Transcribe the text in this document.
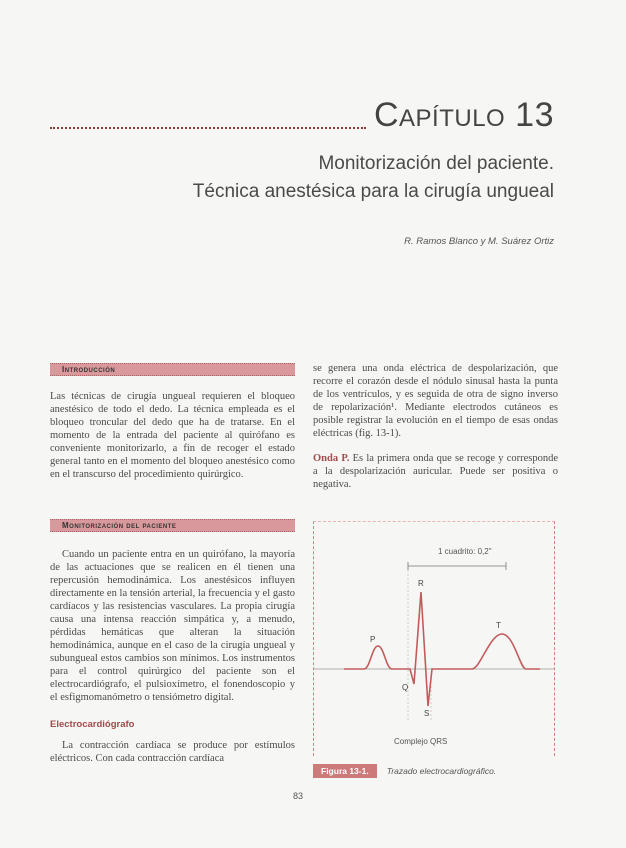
Capítulo 13
Monitorización del paciente.
Técnica anestésica para la cirugía ungueal
R. Ramos Blanco y M. Suárez Ortiz
Introducción

Las técnicas de cirugía ungueal requieren el bloqueo anestésico de todo el dedo. La técnica empleada es el bloqueo troncular del dedo que ha de tratarse. En el momento de la entrada del paciente al quirófano es conveniente monitorizarlo, a fin de recoger el estado general tanto en el momento del bloqueo anestésico como en el transcurso del procedimiento quirúrgico.

Monitorización del paciente

Cuando un paciente entra en un quirófano, la mayoría de las actuaciones que se realicen en él tienen una repercusión hemodinámica. Los anestésicos influyen directamente en la tensión arterial, la frecuencia y el gasto cardíacos y las resistencias vasculares. La propia cirugía causa una intensa reacción simpática y, a menudo, pérdidas hemáticas que alteran la situación hemodinámica, aunque en el caso de la cirugía ungueal y subungueal estos cambios son mínimos. Los instrumentos para el control quirúrgico del paciente son el electrocardiógrafo, el pulsioxímetro, el fonendoscopio y el esfigmomanómetro o tensiómetro digital.

Electrocardiógrafo

La contracción cardíaca se produce por estímulos eléctricos. Con cada contracción cardíaca

se genera una onda eléctrica de despolarización, que recorre el corazón desde el nódulo sinusal hasta la punta de los ventrículos, y es seguida de otra de signo inverso de repolarización¹. Mediante electrodos cutáneos es posible registrar la evolución en el tiempo de esas ondas eléctricas (fig. 13-1).

Onda P. Es la primera onda que se recoge y corresponde a la despolarización auricular. Puede ser positiva o negativa.

1 cuadrito: 0,2"
P
R
Q
S
T
Complejo QRS
Figura 13-1. Trazado electrocardiográfico.
83
